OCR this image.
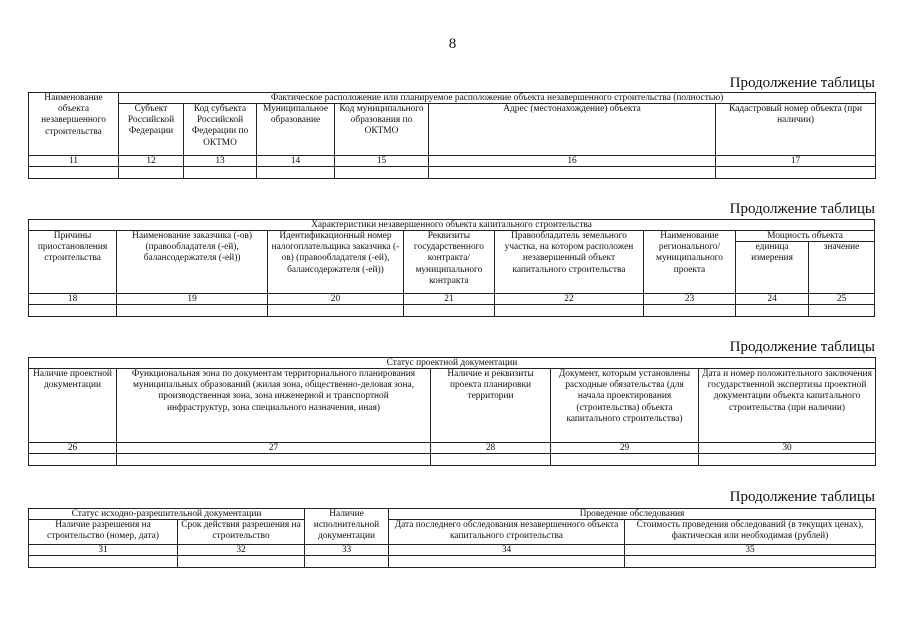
8
Продолжение таблицы
Наименование объекта незавершенного строительства	Фактическое расположение или планируемое расположение объекта незавершенного строительства (полностью)					
	Субъект Российской Федерации	Код субъекта Российской Федерации по ОКТМО	Муниципальное образование	Код муниципального образования по ОКТМО	Адрес (местонахождение) объекта	Кадастровый номер объекта (при наличии)
11	12	13	14	15	16	17

Продолжение таблицы
Характеристики незавершенного объекта капитального строительства							
Причины приостановления строительства	Наименование заказчика (-ов) (правообладателя (-ей), балансодержателя (-ей))	Идентификационный номер налогоплательщика заказчика (-ов) (правообладателя (-ей), балансодержателя (-ей))	Реквизиты государственного контракта/ муниципального контракта	Правообладатель земельного участка, на котором расположен незавершенный объект капитального строительства	Наименование регионального/ муниципального проекта	Мощность объекта	
						единица измерения	значение
18	19	20	21	22	23	24	25

Продолжение таблицы
Статус проектной документации				
Наличие проектной документации	Функциональная зона по документам территориального планирования муниципальных образований (жилая зона, общественно-деловая зона, производственная зона, зона инженерной и транспортной инфраструктур, зона специального назначения, иная)	Наличие и реквизиты проекта планировки территории	Документ, которым установлены расходные обязательства (для начала проектирования (строительства) объекта капитального строительства)	Дата и номер положительного заключения государственной экспертизы проектной документации объекта капитального строительства (при наличии)
26	27	28	29	30

Продолжение таблицы
Статус исходно-разрешительной документации		Наличие исполнительной документации	Проведение обследования	
Наличие разрешения на строительство (номер, дата)	Срок действия разрешения на строительство		Дата последнего обследования незавершенного объекта капитального строительства	Стоимость проведения обследований (в текущих ценах), фактическая или необходимая (рублей)
31	32	33	34	35
